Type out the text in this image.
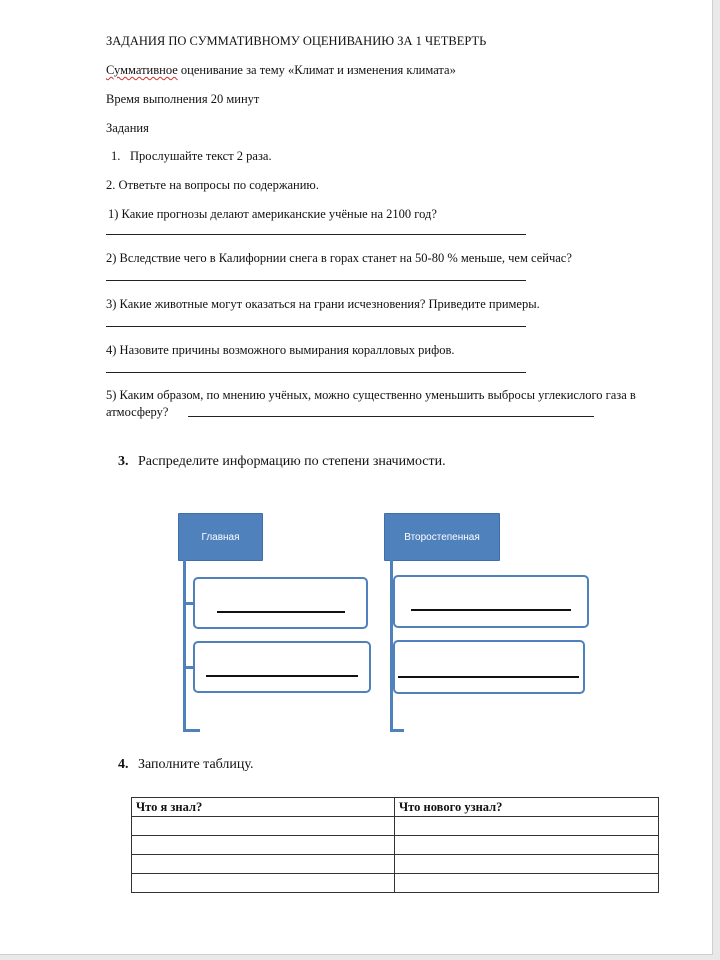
ЗАДАНИЯ ПО СУММАТИВНОМУ ОЦЕНИВАНИЮ ЗА 1 ЧЕТВЕРТЬ
Суммативное оценивание за тему «Климат и изменения климата»
Время выполнения 20 минут
Задания
1. Прослушайте текст 2 раза.
2. Ответьте на вопросы по содержанию.
1) Какие прогнозы делают американские учёные на 2100 год?
2) Вследствие чего в Калифорнии снега в горах станет на 50-80 % меньше, чем сейчас?
3) Какие животные могут оказаться на грани исчезновения? Приведите примеры.
4) Назовите причины возможного вымирания коралловых рифов.
5) Каким образом, по мнению учёных, можно существенно уменьшить выбросы углекислого газа в
атмосферу?
3. Распределите информацию по степени значимости.
Главная	Второстепенная
4. Заполните таблицу.
Что я знал?	Что нового узнал?
